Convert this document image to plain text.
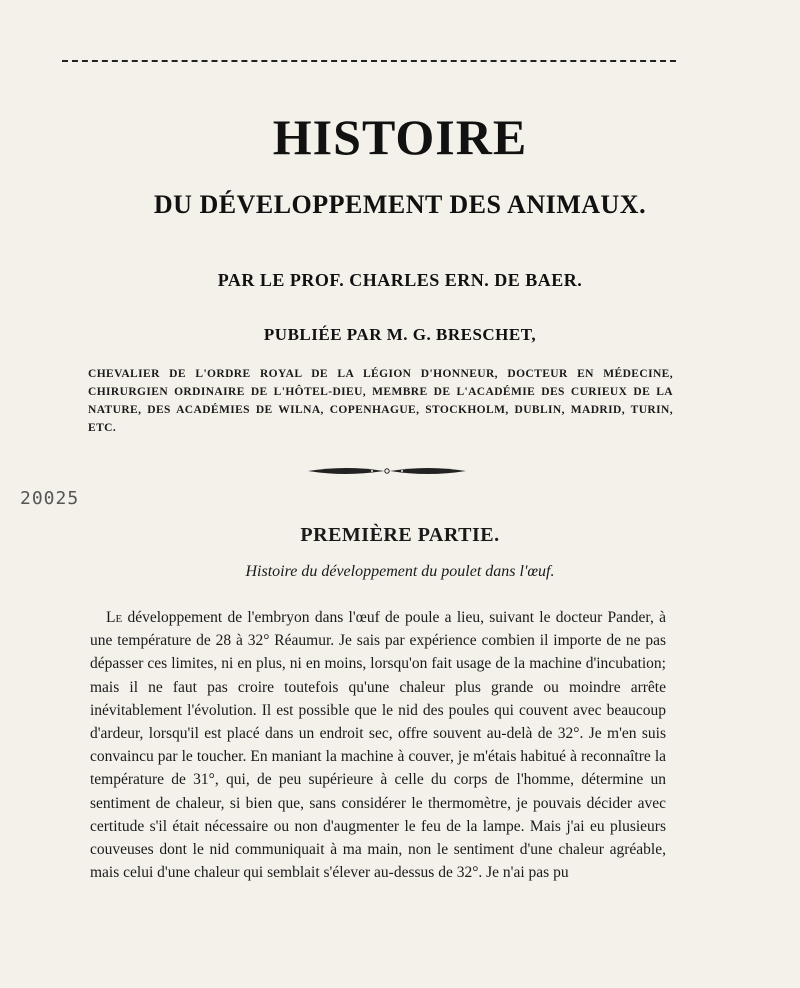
HISTOIRE
DU DÉVELOPPEMENT DES ANIMAUX.
PAR LE PROF. CHARLES ERN. DE BAER.
PUBLIÉE PAR M. G. BRESCHET,
CHEVALIER DE L'ORDRE ROYAL DE LA LÉGION D'HONNEUR, DOCTEUR EN MÉDECINE, CHIRURGIEN ORDINAIRE DE L'HÔTEL-DIEU, MEMBRE DE L'ACADÉMIE DES CURIEUX DE LA NATURE, DES ACADÉMIES DE WILNA, COPENHAGUE, STOCKHOLM, DUBLIN, MADRID, TURIN, ETC.
20025
PREMIÈRE PARTIE.
Histoire du développement du poulet dans l'œuf.
Le développement de l'embryon dans l'œuf de poule a lieu, suivant le docteur Pander, à une température de 28 à 32° Réaumur. Je sais par expérience combien il importe de ne pas dépasser ces limites, ni en plus, ni en moins, lorsqu'on fait usage de la machine d'incubation; mais il ne faut pas croire toutefois qu'une chaleur plus grande ou moindre arrête inévitablement l'évolution. Il est possible que le nid des poules qui couvent avec beaucoup d'ardeur, lorsqu'il est placé dans un endroit sec, offre souvent au-delà de 32°. Je m'en suis convaincu par le toucher. En maniant la machine à couver, je m'étais habitué à reconnaître la température de 31°, qui, de peu supérieure à celle du corps de l'homme, détermine un sentiment de chaleur, si bien que, sans considérer le thermomètre, je pouvais décider avec certitude s'il était nécessaire ou non d'augmenter le feu de la lampe. Mais j'ai eu plusieurs couveuses dont le nid communiquait à ma main, non le sentiment d'une chaleur agréable, mais celui d'une chaleur qui semblait s'élever au-dessus de 32°. Je n'ai pas pu
